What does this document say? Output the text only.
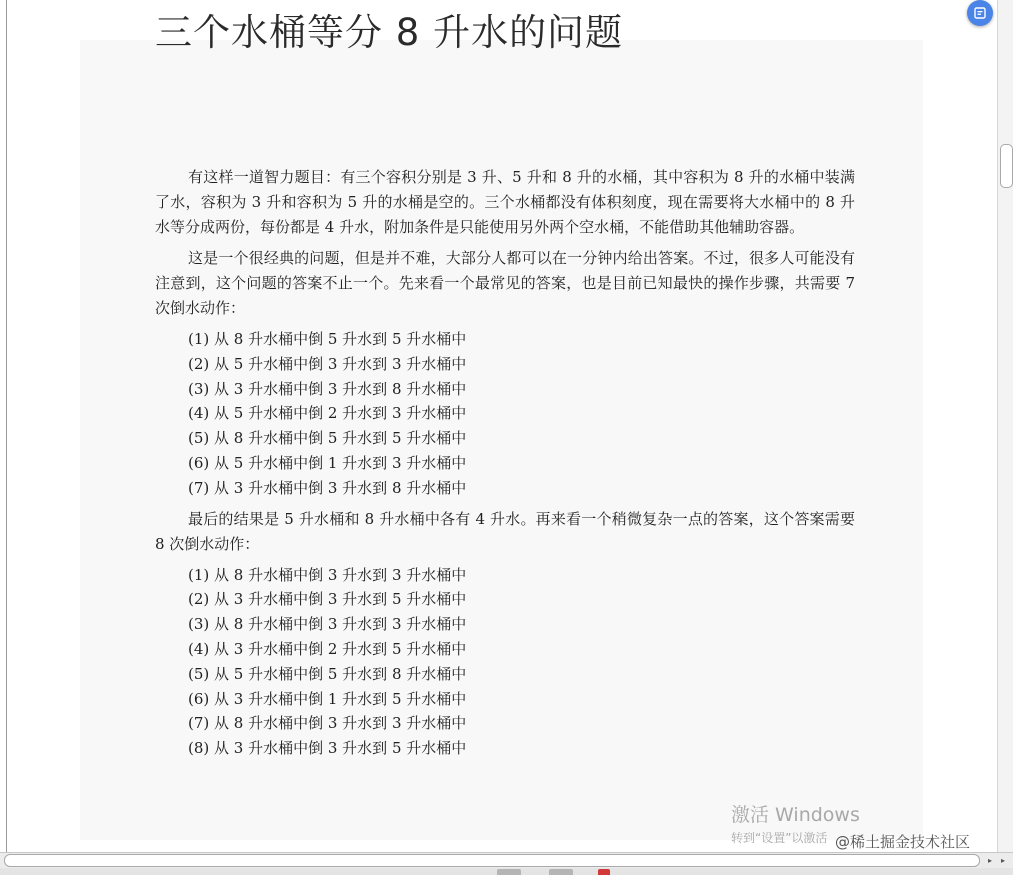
三个水桶等分 8 升水的问题

有这样一道智力题目：有三个容积分别是 3 升、5 升和 8 升的水桶，其中容积为 8 升的水桶中装满了水，容积为 3 升和容积为 5 升的水桶是空的。三个水桶都没有体积刻度，现在需要将大水桶中的 8 升水等分成两份，每份都是 4 升水，附加条件是只能使用另外两个空水桶，不能借助其他辅助容器。

这是一个很经典的问题，但是并不难，大部分人都可以在一分钟内给出答案。不过，很多人可能没有注意到，这个问题的答案不止一个。先来看一个最常见的答案，也是目前已知最快的操作步骤，共需要 7 次倒水动作：

(1) 从 8 升水桶中倒 5 升水到 5 升水桶中
(2) 从 5 升水桶中倒 3 升水到 3 升水桶中
(3) 从 3 升水桶中倒 3 升水到 8 升水桶中
(4) 从 5 升水桶中倒 2 升水到 3 升水桶中
(5) 从 8 升水桶中倒 5 升水到 5 升水桶中
(6) 从 5 升水桶中倒 1 升水到 3 升水桶中
(7) 从 3 升水桶中倒 3 升水到 8 升水桶中

最后的结果是 5 升水桶和 8 升水桶中各有 4 升水。再来看一个稍微复杂一点的答案，这个答案需要 8 次倒水动作：

(1) 从 8 升水桶中倒 3 升水到 3 升水桶中
(2) 从 3 升水桶中倒 3 升水到 5 升水桶中
(3) 从 8 升水桶中倒 3 升水到 3 升水桶中
(4) 从 3 升水桶中倒 2 升水到 5 升水桶中
(5) 从 5 升水桶中倒 5 升水到 8 升水桶中
(6) 从 3 升水桶中倒 1 升水到 5 升水桶中
(7) 从 8 升水桶中倒 3 升水到 3 升水桶中
(8) 从 3 升水桶中倒 3 升水到 5 升水桶中
激活 Windows
转到“设置”以激活 @稀土掘金技术社区
▸	▸
